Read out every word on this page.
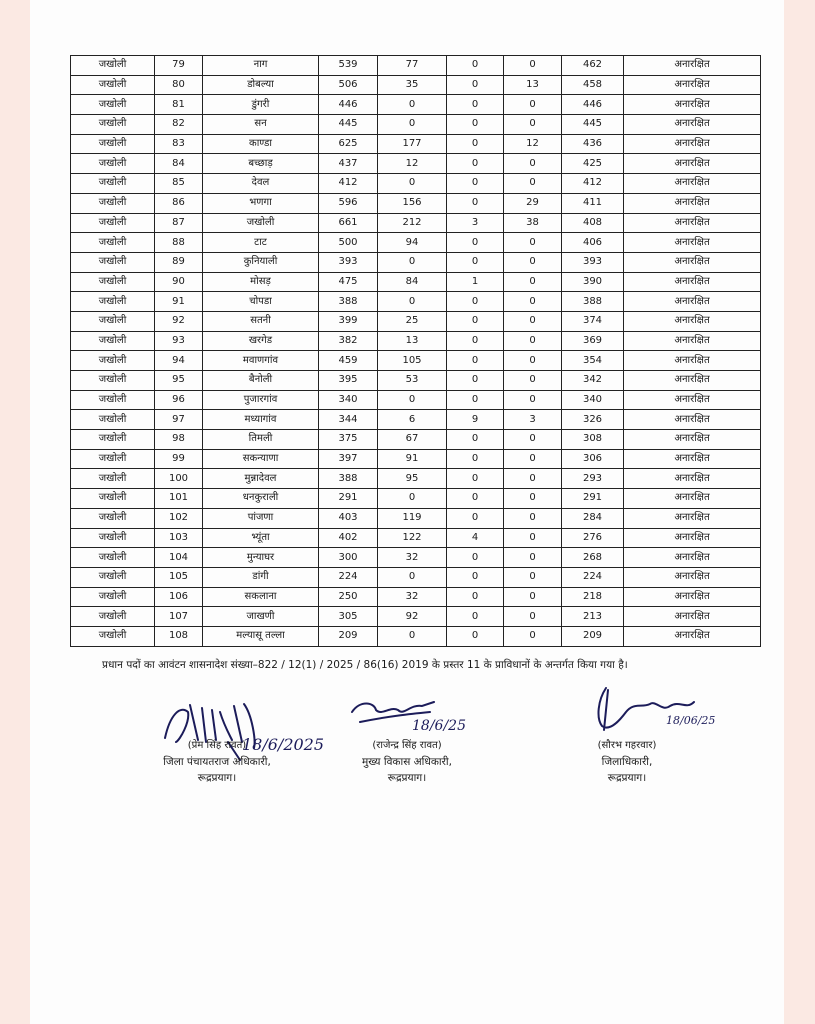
जखोली	79	नाग	539	77	0	0	462	अनारक्षित
जखोली	80	डोबल्या	506	35	0	13	458	अनारक्षित
जखोली	81	डुंगरी	446	0	0	0	446	अनारक्षित
जखोली	82	सन	445	0	0	0	445	अनारक्षित
जखोली	83	काण्डा	625	177	0	12	436	अनारक्षित
जखोली	84	बच्छाड़	437	12	0	0	425	अनारक्षित
जखोली	85	देवल	412	0	0	0	412	अनारक्षित
जखोली	86	भणगा	596	156	0	29	411	अनारक्षित
जखोली	87	जखोली	661	212	3	38	408	अनारक्षित
जखोली	88	टाट	500	94	0	0	406	अनारक्षित
जखोली	89	कुनियाली	393	0	0	0	393	अनारक्षित
जखोली	90	मोसड़	475	84	1	0	390	अनारक्षित
जखोली	91	चोपडा	388	0	0	0	388	अनारक्षित
जखोली	92	सतनी	399	25	0	0	374	अनारक्षित
जखोली	93	खरगेड	382	13	0	0	369	अनारक्षित
जखोली	94	मवाणगांव	459	105	0	0	354	अनारक्षित
जखोली	95	बैनोली	395	53	0	0	342	अनारक्षित
जखोली	96	पुजारगांव	340	0	0	0	340	अनारक्षित
जखोली	97	मध्यागांव	344	6	9	3	326	अनारक्षित
जखोली	98	तिमली	375	67	0	0	308	अनारक्षित
जखोली	99	सकन्याणा	397	91	0	0	306	अनारक्षित
जखोली	100	मुन्नादेवल	388	95	0	0	293	अनारक्षित
जखोली	101	धनकुराली	291	0	0	0	291	अनारक्षित
जखोली	102	पांजणा	403	119	0	0	284	अनारक्षित
जखोली	103	भ्यूंता	402	122	4	0	276	अनारक्षित
जखोली	104	मुन्याघर	300	32	0	0	268	अनारक्षित
जखोली	105	डांगी	224	0	0	0	224	अनारक्षित
जखोली	106	सकलाना	250	32	0	0	218	अनारक्षित
जखोली	107	जाखणी	305	92	0	0	213	अनारक्षित
जखोली	108	मल्यासू तल्ला	209	0	0	0	209	अनारक्षित
प्रधान पदों का आवंटन शासनादेश संख्या–822 / 12(1) / 2025 / 86(16) 2019 के प्रस्तर 11 के प्राविधानों के अन्तर्गत किया गया है।
18/6/2025
18/6/25	18/06/25
(प्रेम सिंह रावत)
जिला पंचायतराज अधिकारी,
रूद्रप्रयाग।
(राजेन्द्र सिंह रावत)
मुख्य विकास अधिकारी,
रूद्रप्रयाग।
(सौरभ गहरवार)
जिलाधिकारी,
रूद्रप्रयाग।
